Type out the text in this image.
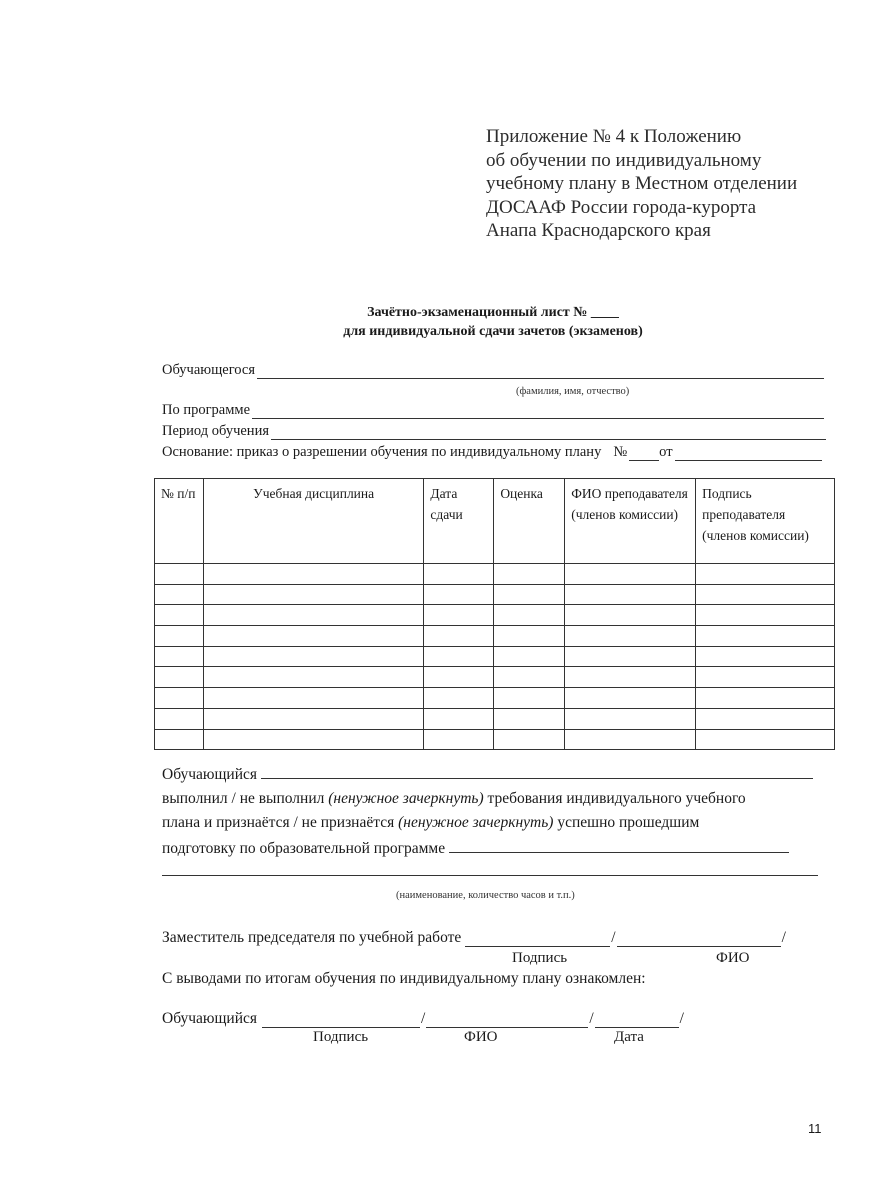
Приложение № 4 к Положению
об обучении по индивидуальному
учебному плану в Местном отделении
ДОСААФ России города-курорта
Анапа Краснодарского края
Зачётно-экзаменационный лист № ____
для индивидуальной сдачи зачетов (экзаменов)
Обучающегося
(фамилия, имя, отчество)
По программе
Период обучения
Основание: приказ о разрешении обучения по индивидуальному плану № от
№ п/п	Учебная дисциплина	Дата сдачи	Оценка	ФИО преподавателя (членов комиссии)	Подпись преподавателя (членов комиссии)

Обучающийся
выполнил / не выполнил (ненужное зачеркнуть) требования индивидуального учебного
плана и признаётся / не признаётся (ненужное зачеркнуть) успешно прошедшим
подготовку по образовательной программе
(наименование, количество часов и т.п.)
Заместитель председателя по учебной работе	/	/
Подпись	ФИО
С выводами по итогам обучения по индивидуальному плану ознакомлен:
Обучающийся	/	/	/
Подпись	ФИО	Дата
11
